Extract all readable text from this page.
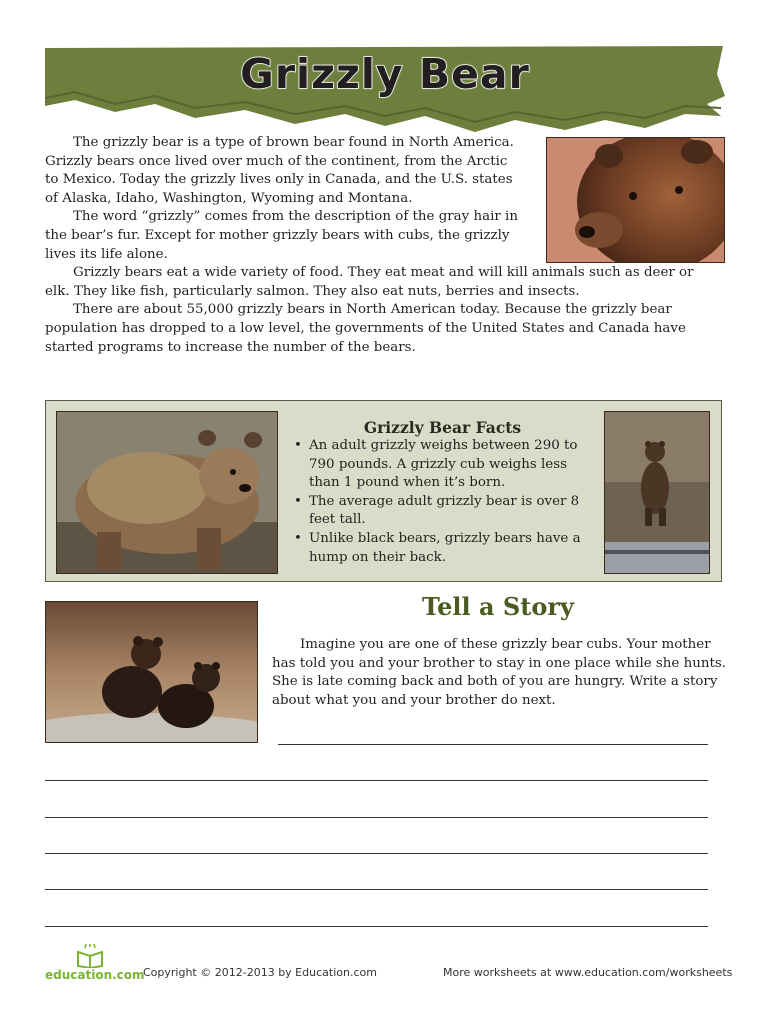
Grizzly Bear

The grizzly bear is a type of brown bear found in North America. Grizzly bears once lived over much of the continent, from the Arctic to Mexico. Today the grizzly lives only in Canada, and the U.S. states of Alaska, Idaho, Washington, Wyoming and Montana.

The word “grizzly” comes from the description of the gray hair in the bear’s fur. Except for mother grizzly bears with cubs, the grizzly lives its life alone.

Grizzly bears eat a wide variety of food. They eat meat and will kill animals such as deer or elk. They like fish, particularly salmon. They also eat nuts, berries and insects.

There are about 55,000 grizzly bears in North American today. Because the grizzly bear population has dropped to a low level, the governments of the United States and Canada have started programs to increase the number of the bears.

Grizzly Bear Facts
• An adult grizzly weighs between 290 to 790 pounds. A grizzly cub weighs less than 1 pound when it’s born.
• The average adult grizzly bear is over 8 feet tall.
• Unlike black bears, grizzly bears have a hump on their back.
Tell a Story

Imagine you are one of these grizzly bear cubs. Your mother has told you and your brother to stay in one place while she hunts. She is late coming back and both of you are hungry. Write a story about what you and your brother do next.

education.com
Copyright © 2012-2013 by Education.com	More worksheets at www.education.com/worksheets
